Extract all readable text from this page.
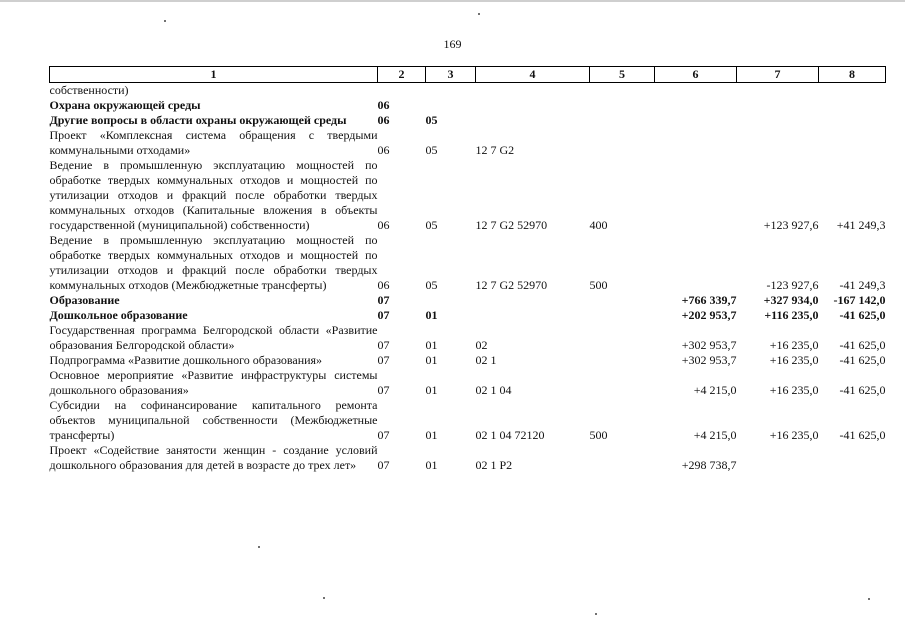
169
1	2	3	4	5	6	7	8
собственности)							
Охрана окружающей среды	06						
Другие вопросы в области охраны окружающей среды	06	05					
Проект «Комплексная система обращения с твердыми коммунальными отходами»	06	05	12 7 G2				
Ведение в промышленную эксплуатацию мощностей по обработке твердых коммунальных отходов и мощностей по утилизации отходов и фракций после обработки твердых коммунальных отходов (Капитальные вложения в объекты государственной (муниципальной) собственности)	06	05	12 7 G2 52970	400		+123 927,6	+41 249,3
Ведение в промышленную эксплуатацию мощностей по обработке твердых коммунальных отходов и мощностей по утилизации отходов и фракций после обработки твердых коммунальных отходов (Межбюджетные трансферты)	06	05	12 7 G2 52970	500		-123 927,6	-41 249,3
Образование	07				+766 339,7	+327 934,0	-167 142,0
Дошкольное образование	07	01			+202 953,7	+116 235,0	-41 625,0
Государственная программа Белгородской области «Развитие образования Белгородской области»	07	01	02		+302 953,7	+16 235,0	-41 625,0
Подпрограмма «Развитие дошкольного образования»	07	01	02 1		+302 953,7	+16 235,0	-41 625,0
Основное мероприятие «Развитие инфраструктуры системы дошкольного образования»	07	01	02 1 04		+4 215,0	+16 235,0	-41 625,0
Субсидии на софинансирование капитального ремонта объектов муниципальной собственности (Межбюджетные трансферты)	07	01	02 1 04 72120	500	+4 215,0	+16 235,0	-41 625,0
Проект «Содействие занятости женщин - создание условий дошкольного образования для детей в возрасте до трех лет»	07	01	02 1 P2		+298 738,7		
